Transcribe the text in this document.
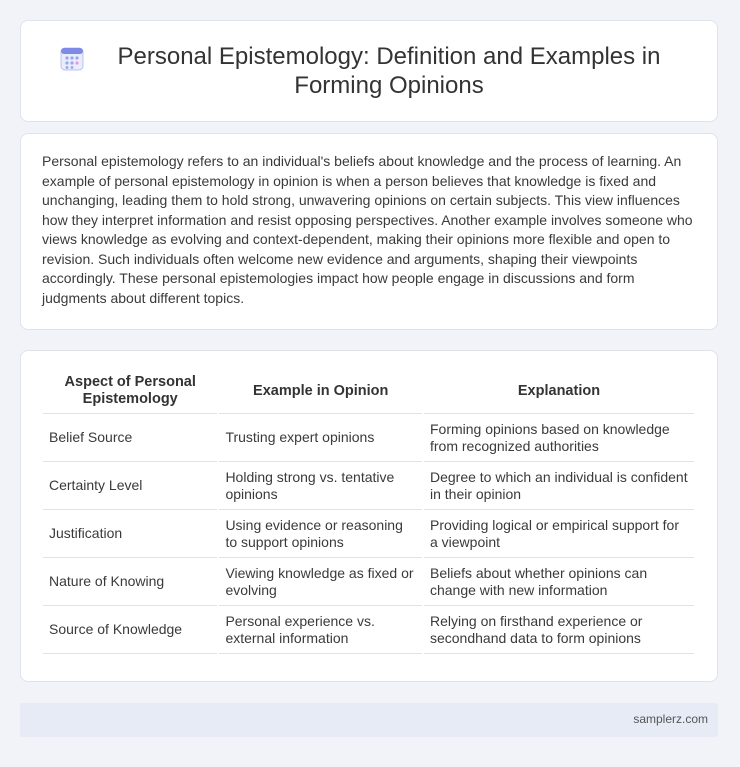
Personal Epistemology: Definition and Examples in Forming Opinions

Personal epistemology refers to an individual's beliefs about knowledge and the process of learning. An example of personal epistemology in opinion is when a person believes that knowledge is fixed and unchanging, leading them to hold strong, unwavering opinions on certain subjects. This view influences how they interpret information and resist opposing perspectives. Another example involves someone who views knowledge as evolving and context-dependent, making their opinions more flexible and open to revision. Such individuals often welcome new evidence and arguments, shaping their viewpoints accordingly. These personal epistemologies impact how people engage in discussions and form judgments about different topics.

Aspect of Personal Epistemology	Example in Opinion	Explanation
Belief Source	Trusting expert opinions	Forming opinions based on knowledge from recognized authorities
Certainty Level	Holding strong vs. tentative opinions	Degree to which an individual is confident in their opinion
Justification	Using evidence or reasoning to support opinions	Providing logical or empirical support for a viewpoint
Nature of Knowing	Viewing knowledge as fixed or evolving	Beliefs about whether opinions can change with new information
Source of Knowledge	Personal experience vs. external information	Relying on firsthand experience or secondhand data to form opinions
samplerz.com
